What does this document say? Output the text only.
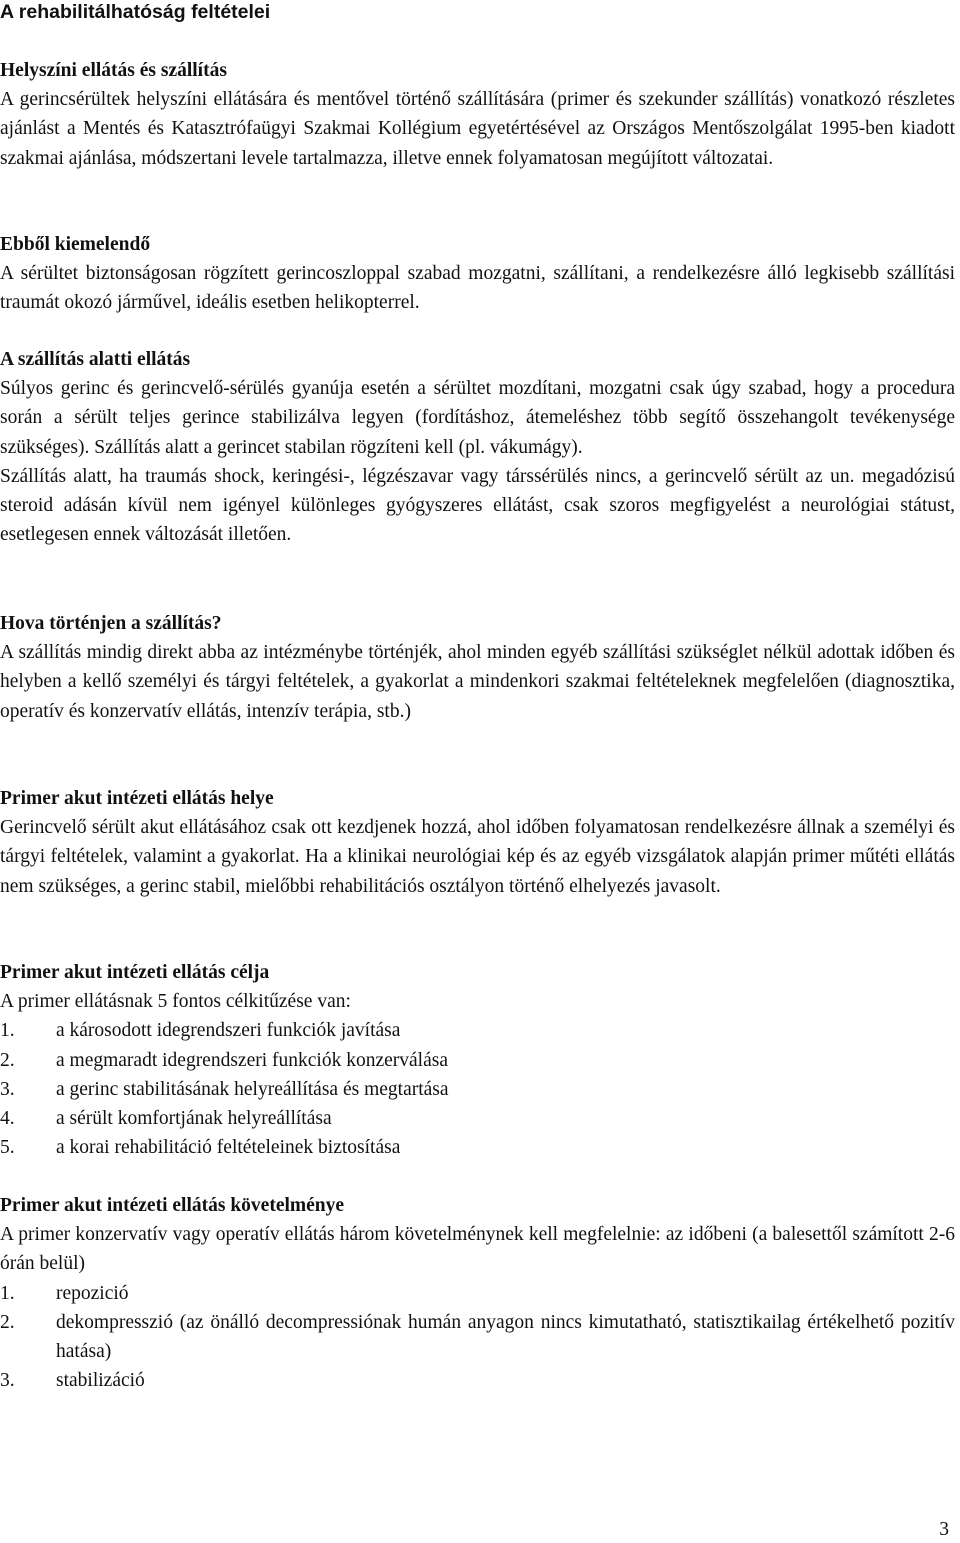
A rehabilitálhatóság feltételei

Helyszíni ellátás és szállítás

A gerincsérültek helyszíni ellátására és mentővel történő szállítására (primer és szekunder szállítás) vonatkozó részletes ajánlást a Mentés és Katasztrófaügyi Szakmai Kollégium egyetértésével az Országos Mentőszolgálat 1995-ben kiadott szakmai ajánlása, módszertani levele tartalmazza, illetve ennek folyamatosan megújított változatai.

Ebből kiemelendő

A sérültet biztonságosan rögzített gerincoszloppal szabad mozgatni, szállítani, a rendelkezésre álló legkisebb szállítási traumát okozó járművel, ideális esetben helikopterrel.

A szállítás alatti ellátás

Súlyos gerinc és gerincvelő-sérülés gyanúja esetén a sérültet mozdítani, mozgatni csak úgy szabad, hogy a procedura során a sérült teljes gerince stabilizálva legyen (fordításhoz, átemeléshez több segítő összehangolt tevékenysége szükséges). Szállítás alatt a gerincet stabilan rögzíteni kell (pl. vákumágy).

Szállítás alatt, ha traumás shock, keringési-, légzészavar vagy társsérülés nincs, a gerincvelő sérült az un. megadózisú steroid adásán kívül nem igényel különleges gyógyszeres ellátást, csak szoros megfigyelést a neurológiai státust, esetlegesen ennek változását illetően.

Hova történjen a szállítás?

A szállítás mindig direkt abba az intézménybe történjék, ahol minden egyéb szállítási szükséglet nélkül adottak időben és helyben a kellő személyi és tárgyi feltételek, a gyakorlat a mindenkori szakmai feltételeknek megfelelően (diagnosztika, operatív és konzervatív ellátás, intenzív terápia, stb.)

Primer akut intézeti ellátás helye

Gerincvelő sérült akut ellátásához csak ott kezdjenek hozzá, ahol időben folyamatosan rendelkezésre állnak a személyi és tárgyi feltételek, valamint a gyakorlat. Ha a klinikai neurológiai kép és az egyéb vizsgálatok alapján primer műtéti ellátás nem szükséges, a gerinc stabil, mielőbbi rehabilitációs osztályon történő elhelyezés javasolt.

Primer akut intézeti ellátás célja

A primer ellátásnak 5 fontos célkitűzése van:

1.	a károsodott idegrendszeri funkciók javítása
2.	a megmaradt idegrendszeri funkciók konzerválása
3.	a gerinc stabilitásának helyreállítása és megtartása
4.	a sérült komfortjának helyreállítása
5.	a korai rehabilitáció feltételeinek biztosítása

Primer akut intézeti ellátás követelménye

A primer konzervatív vagy operatív ellátás három követelménynek kell megfelelnie: az időbeni (a balesettől számított 2-6 órán belül)

1.	repozició
2.	dekompresszió (az önálló decompressiónak humán anyagon nincs kimutatható, statisztikailag értékelhető pozitív hatása)
3.	stabilizáció
3
